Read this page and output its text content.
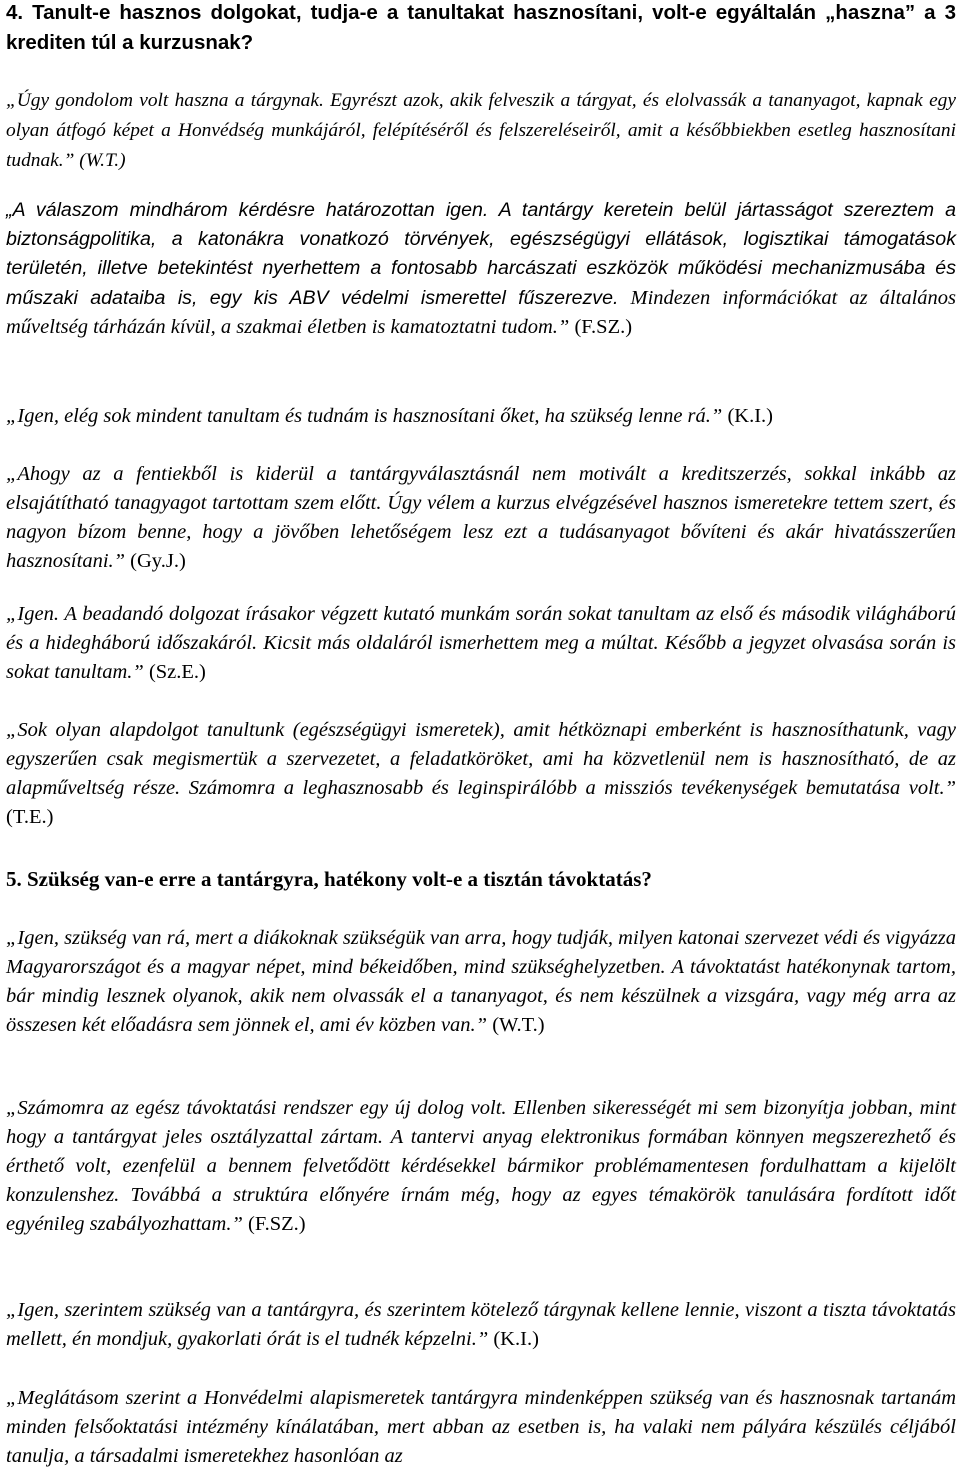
4. Tanult-e hasznos dolgokat, tudja-e a tanultakat hasznosítani, volt-e egyáltalán „haszna” a 3 krediten túl a kurzusnak?

„Úgy gondolom volt haszna a tárgynak. Egyrészt azok, akik felveszik a tárgyat, és elolvassák a tananyagot, kapnak egy olyan átfogó képet a Honvédség munkájáról, felépítéséről és felszereléseiről, amit a későbbiekben esetleg hasznosítani tudnak.” (W.T.)

„A válaszom mindhárom kérdésre határozottan igen. A tantárgy keretein belül jártasságot szereztem a biztonságpolitika, a katonákra vonatkozó törvények, egészségügyi ellátások, logisztikai támogatások területén, illetve betekintést nyerhettem a fontosabb harcászati eszközök működési mechanizmusába és műszaki adataiba is, egy kis ABV védelmi ismerettel fűszerezve. Mindezen információkat az általános műveltség tárházán kívül, a szakmai életben is kamatoztatni tudom.” (F.SZ.)

„Igen, elég sok mindent tanultam és tudnám is hasznosítani őket, ha szükség lenne rá.” (K.I.)

„Ahogy az a fentiekből is kiderül a tantárgyválasztásnál nem motivált a kreditszerzés, sokkal inkább az elsajátítható tanagyagot tartottam szem előtt. Úgy vélem a kurzus elvégzésével hasznos ismeretekre tettem szert, és nagyon bízom benne, hogy a jövőben lehetőségem lesz ezt a tudásanyagot bővíteni és akár hivatásszerűen hasznosítani.” (Gy.J.)

„Igen. A beadandó dolgozat írásakor végzett kutató munkám során sokat tanultam az első és második világháború és a hidegháború időszakáról. Kicsit más oldaláról ismerhettem meg a múltat. Később a jegyzet olvasása során is sokat tanultam.” (Sz.E.)

„Sok olyan alapdolgot tanultunk (egészségügyi ismeretek), amit hétköznapi emberként is hasznosíthatunk, vagy egyszerűen csak megismertük a szervezetet, a feladatköröket, ami ha közvetlenül nem is hasznosítható, de az alapműveltség része. Számomra a leghasznosabb és leginspirálóbb a missziós tevékenységek bemutatása volt.” (T.E.)

5. Szükség van-e erre a tantárgyra, hatékony volt-e a tisztán távoktatás?

„Igen, szükség van rá, mert a diákoknak szükségük van arra, hogy tudják, milyen katonai szervezet védi és vigyázza Magyarországot és a magyar népet, mind békeidőben, mind szükséghelyzetben. A távoktatást hatékonynak tartom, bár mindig lesznek olyanok, akik nem olvassák el a tananyagot, és nem készülnek a vizsgára, vagy még arra az összesen két előadásra sem jönnek el, ami év közben van.” (W.T.)

„Számomra az egész távoktatási rendszer egy új dolog volt. Ellenben sikerességét mi sem bizonyítja jobban, mint hogy a tantárgyat jeles osztályzattal zártam. A tantervi anyag elektronikus formában könnyen megszerezhető és érthető volt, ezenfelül a bennem felvetődött kérdésekkel bármikor problémamentesen fordulhattam a kijelölt konzulenshez. Továbbá a struktúra előnyére írnám még, hogy az egyes témakörök tanulására fordított időt egyénileg szabályozhattam.” (F.SZ.)

„Igen, szerintem szükség van a tantárgyra, és szerintem kötelező tárgynak kellene lennie, viszont a tiszta távoktatás mellett, én mondjuk, gyakorlati órát is el tudnék képzelni.” (K.I.)

„Meglátásom szerint a Honvédelmi alapismeretek tantárgyra mindenképpen szükség van és hasznosnak tartanám minden felsőoktatási intézmény kínálatában, mert abban az esetben is, ha valaki nem pályára készülés céljából tanulja, a társadalmi ismeretekhez hasonlóan az
